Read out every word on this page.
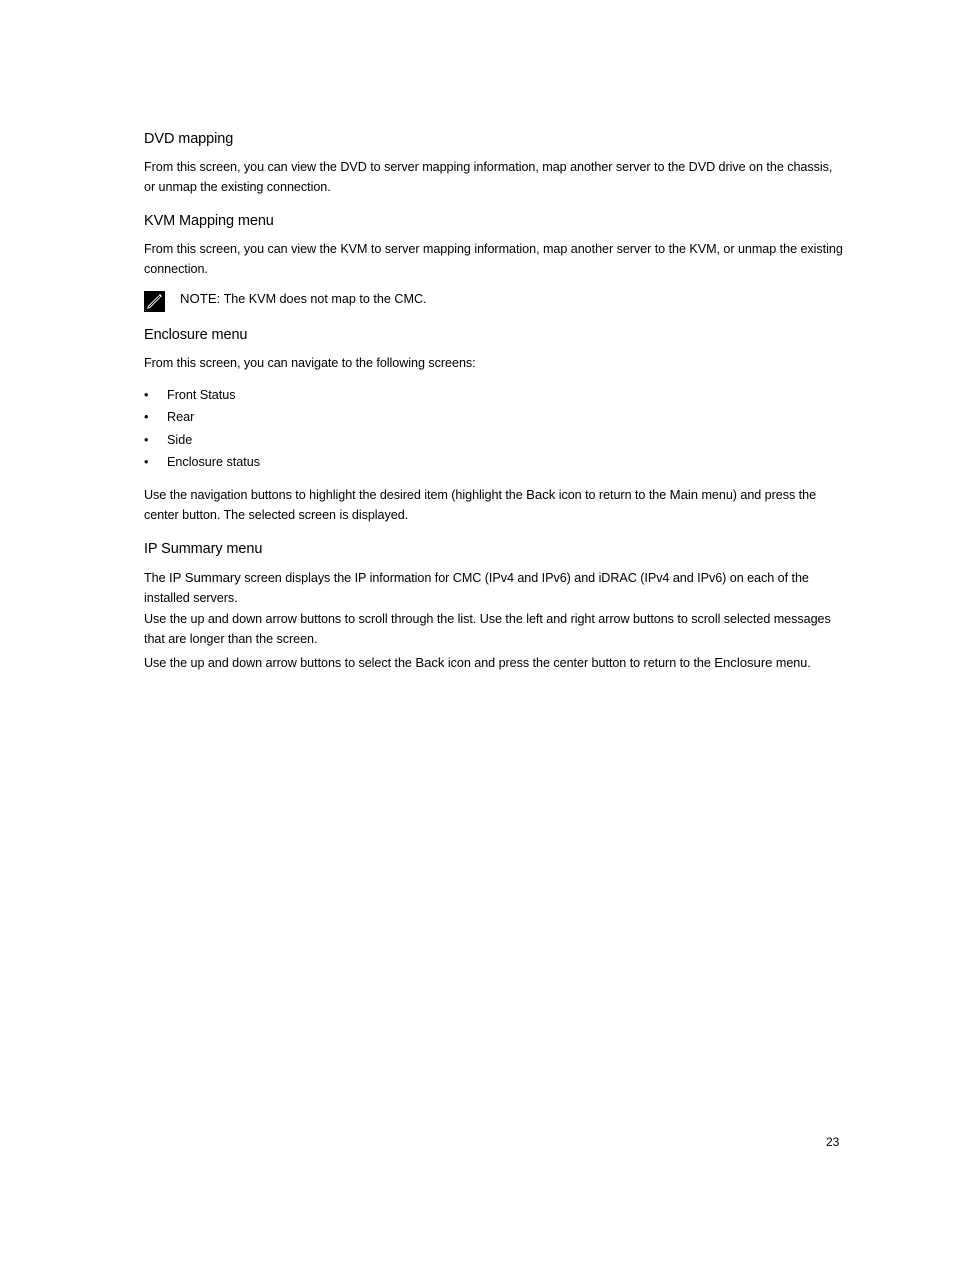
DVD mapping

From this screen, you can view the DVD to server mapping information, map another server to the DVD drive on the chassis, or unmap the existing connection.

KVM Mapping menu

From this screen, you can view the KVM to server mapping information, map another server to the KVM, or unmap the existing connection.

NOTE: The KVM does not map to the CMC.
Enclosure menu

From this screen, you can navigate to the following screens:

• Front Status
• Rear
• Side
• Enclosure status

Use the navigation buttons to highlight the desired item (highlight the Back icon to return to the Main menu) and press the center button. The selected screen is displayed.

IP Summary menu

The IP Summary screen displays the IP information for CMC (IPv4 and IPv6) and iDRAC (IPv4 and IPv6) on each of the installed servers.

Use the up and down arrow buttons to scroll through the list. Use the left and right arrow buttons to scroll selected messages that are longer than the screen.

Use the up and down arrow buttons to select the Back icon and press the center button to return to the Enclosure menu.

23
